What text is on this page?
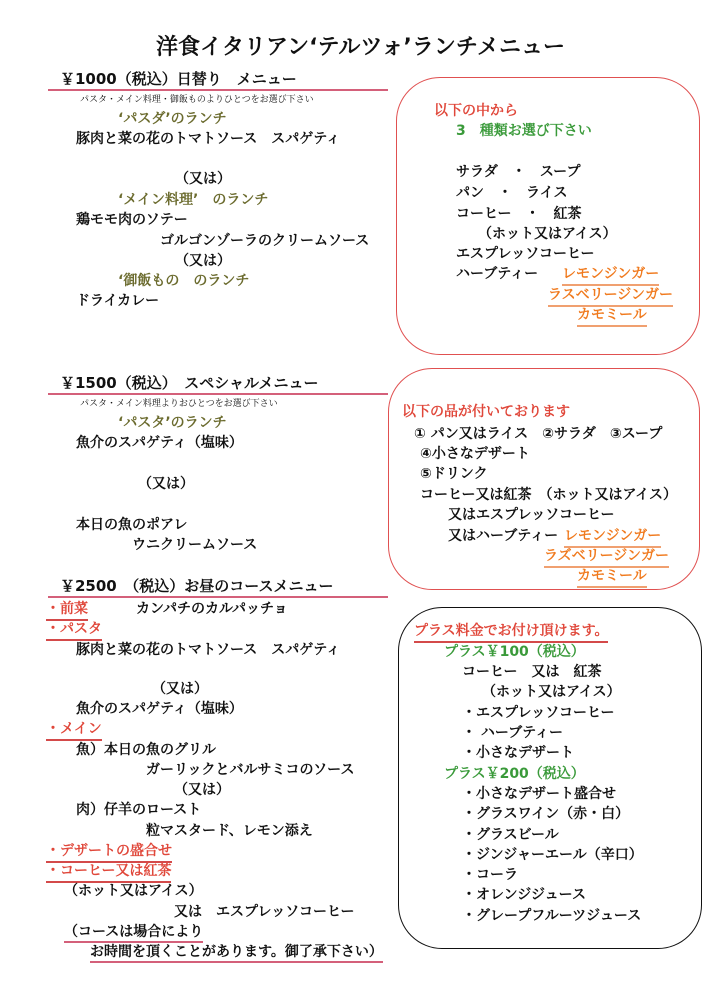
洋食イタリアン‘テルツォ’ランチメニュー
￥1000（税込）日替り　メニュー
パスタ・メイン料理・御飯ものよりひとつをお選び下さい
‘パスダ’のランチ
豚肉と菜の花のトマトソース　スパゲティ
（又は）
‘メイン料理’　のランチ
鶏モモ肉のソテー
ゴルゴンゾーラのクリームソース
（又は）
‘御飯もの　のランチ
ドライカレー
以下の中から
3　種類お選び下さい
サラダ　・　スープ
パン　・　ライス
コーヒー　・　紅茶
（ホット又はアイス）
エスプレッソコーヒー
ハーブティー レモンジンガー
ラスベリージンガー
カモミール
￥1500（税込）　スペシャルメニュー
パスタ・メイン料理よりおひとつをお選び下さい
‘パスタ’のランチ
魚介のスパゲティ（塩味）
（又は）
本日の魚のポアレ
ウニクリームソース
以下の品が付いております
① パン又はライス　②サラダ　③スープ
④小さなデザート
⑤ドリンク
コーヒー又は紅茶　（ホット又はアイス）
又はエスプレッソコーヒー
又はハーブティー レモンジンガー
ラズベリージンガー
カモミール
￥2500　（税込）お昼のコースメニュー
・前菜	カンパチのカルパッチョ
・パスタ
豚肉と菜の花のトマトソース　スパゲティ
（又は）
魚介のスパゲティ（塩味）
・メイン
魚）本日の魚のグリル
ガーリックとバルサミコのソース
（又は）
肉）仔羊のロースト
粒マスタード、レモン添え
・デザートの盛合せ
・コーヒー又は紅茶
（ホット又はアイス）
又は　エスプレッソコーヒー
（コースは場合により
お時間を頂くことがあります。御了承下さい）
プラス料金でお付け頂けます。
プラス￥100（税込）
コーヒー　又は　紅茶
（ホット又はアイス）
・エスプレッソコーヒー
・ ハーブティー
・小さなデザート
プラス￥200（税込）
・小さなデザート盛合せ
・グラスワイン（赤・白）
・グラスビール
・ジンジャーエール（辛口）
・コーラ
・オレンジジュース
・グレープフルーツジュース
